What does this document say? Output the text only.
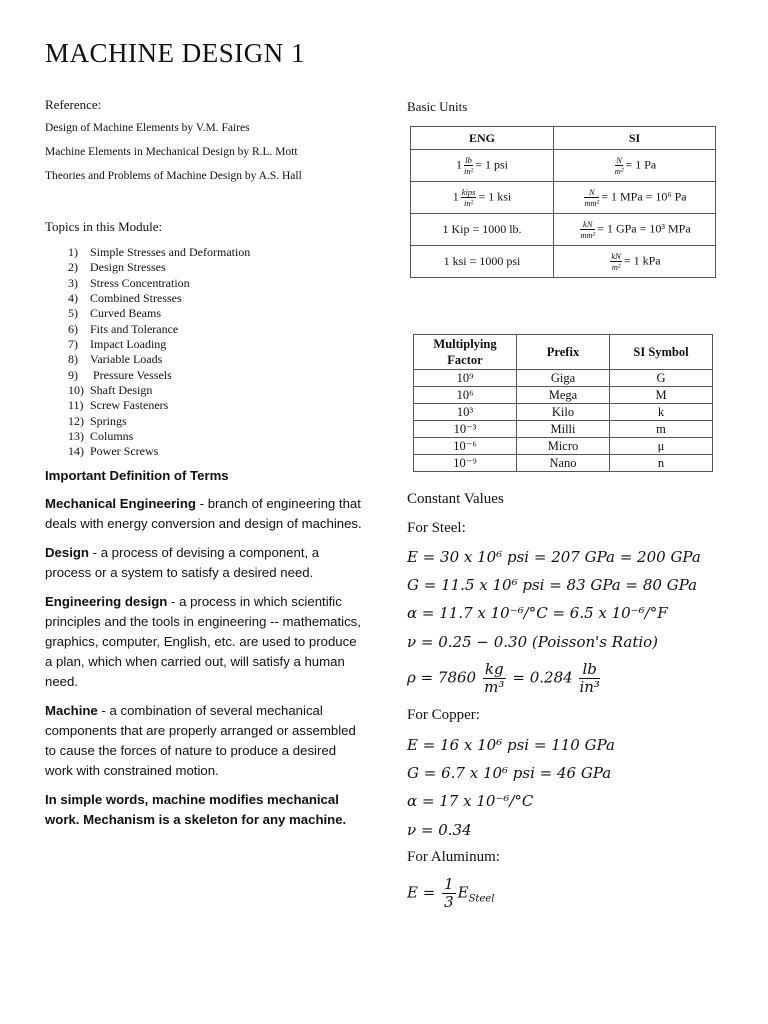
MACHINE DESIGN 1
Reference:
Design of Machine Elements by V.M. Faires
Machine Elements in Mechanical Design by R.L. Mott
Theories and Problems of Machine Design by A.S. Hall
Topics in this Module:
1) Simple Stresses and Deformation
2) Design Stresses
3) Stress Concentration
4) Combined Stresses
5) Curved Beams
6) Fits and Tolerance
7) Impact Loading
8) Variable Loads
9) Pressure Vessels
10) Shaft Design
11) Screw Fasteners
12) Springs
13) Columns
14) Power Screws
Important Definition of Terms

Mechanical Engineering - branch of engineering that deals with energy conversion and design of machines.

Design - a process of devising a component, a process or a system to satisfy a desired need.

Engineering design - a process in which scientific principles and the tools in engineering -- mathematics, graphics, computer, English, etc. are used to produce a plan, which when carried out, will satisfy a human need.

Machine - a combination of several mechanical components that are properly arranged or assembled to cause the forces of nature to produce a desired work with constrained motion.

In simple words, machine modifies mechanical work. Mechanism is a skeleton for any machine.

Basic Units
ENG	SI
$1 \frac{lb}{\text{in²}} = 1$ psi	$\frac{N}{\text{m²}} = 1$ Pa
$1 \frac{\text{kips}}{\text{in²}} = 1$ ksi	$\frac{N}{\text{mm²}} = 1$ MPa = 10⁶ Pa
1 Kip = 1000 lb.	$\frac{kN}{\text{mm²}} = 1$ GPa = 10³ MPa
1 ksi = 1000 psi	$\frac{kN}{\text{m²}} = 1$ kPa
Multiplying Factor	Prefix	SI Symbol
10⁹	Giga	G
10⁶	Mega	M
10³	Kilo	k
10⁻³	Milli	m
10⁻⁶	Micro	μ
10⁻⁹	Nano	n
Constant Values
For Steel:
E = 30 x 10⁶ psi = 207 GPa = 200 GPa
G = 11.5 x 10⁶ psi = 83 GPa = 80 GPa
α = 11.7 x 10⁻⁶/°C = 6.5 x 10⁻⁶/°F
ν = 0.25 − 0.30 (Poisson's Ratio)
$\rho = 7860 \frac{kg}{\text{m³}} = 0.284 \frac{lb}{\text{in³}}$
For Copper:
E = 16 x 10⁶ psi = 110 GPa
G = 6.7 x 10⁶ psi = 46 GPa
α = 17 x 10⁻⁶/°C
ν = 0.34
For Aluminum:
$E = \frac{1}{3} E_{Steel}$
